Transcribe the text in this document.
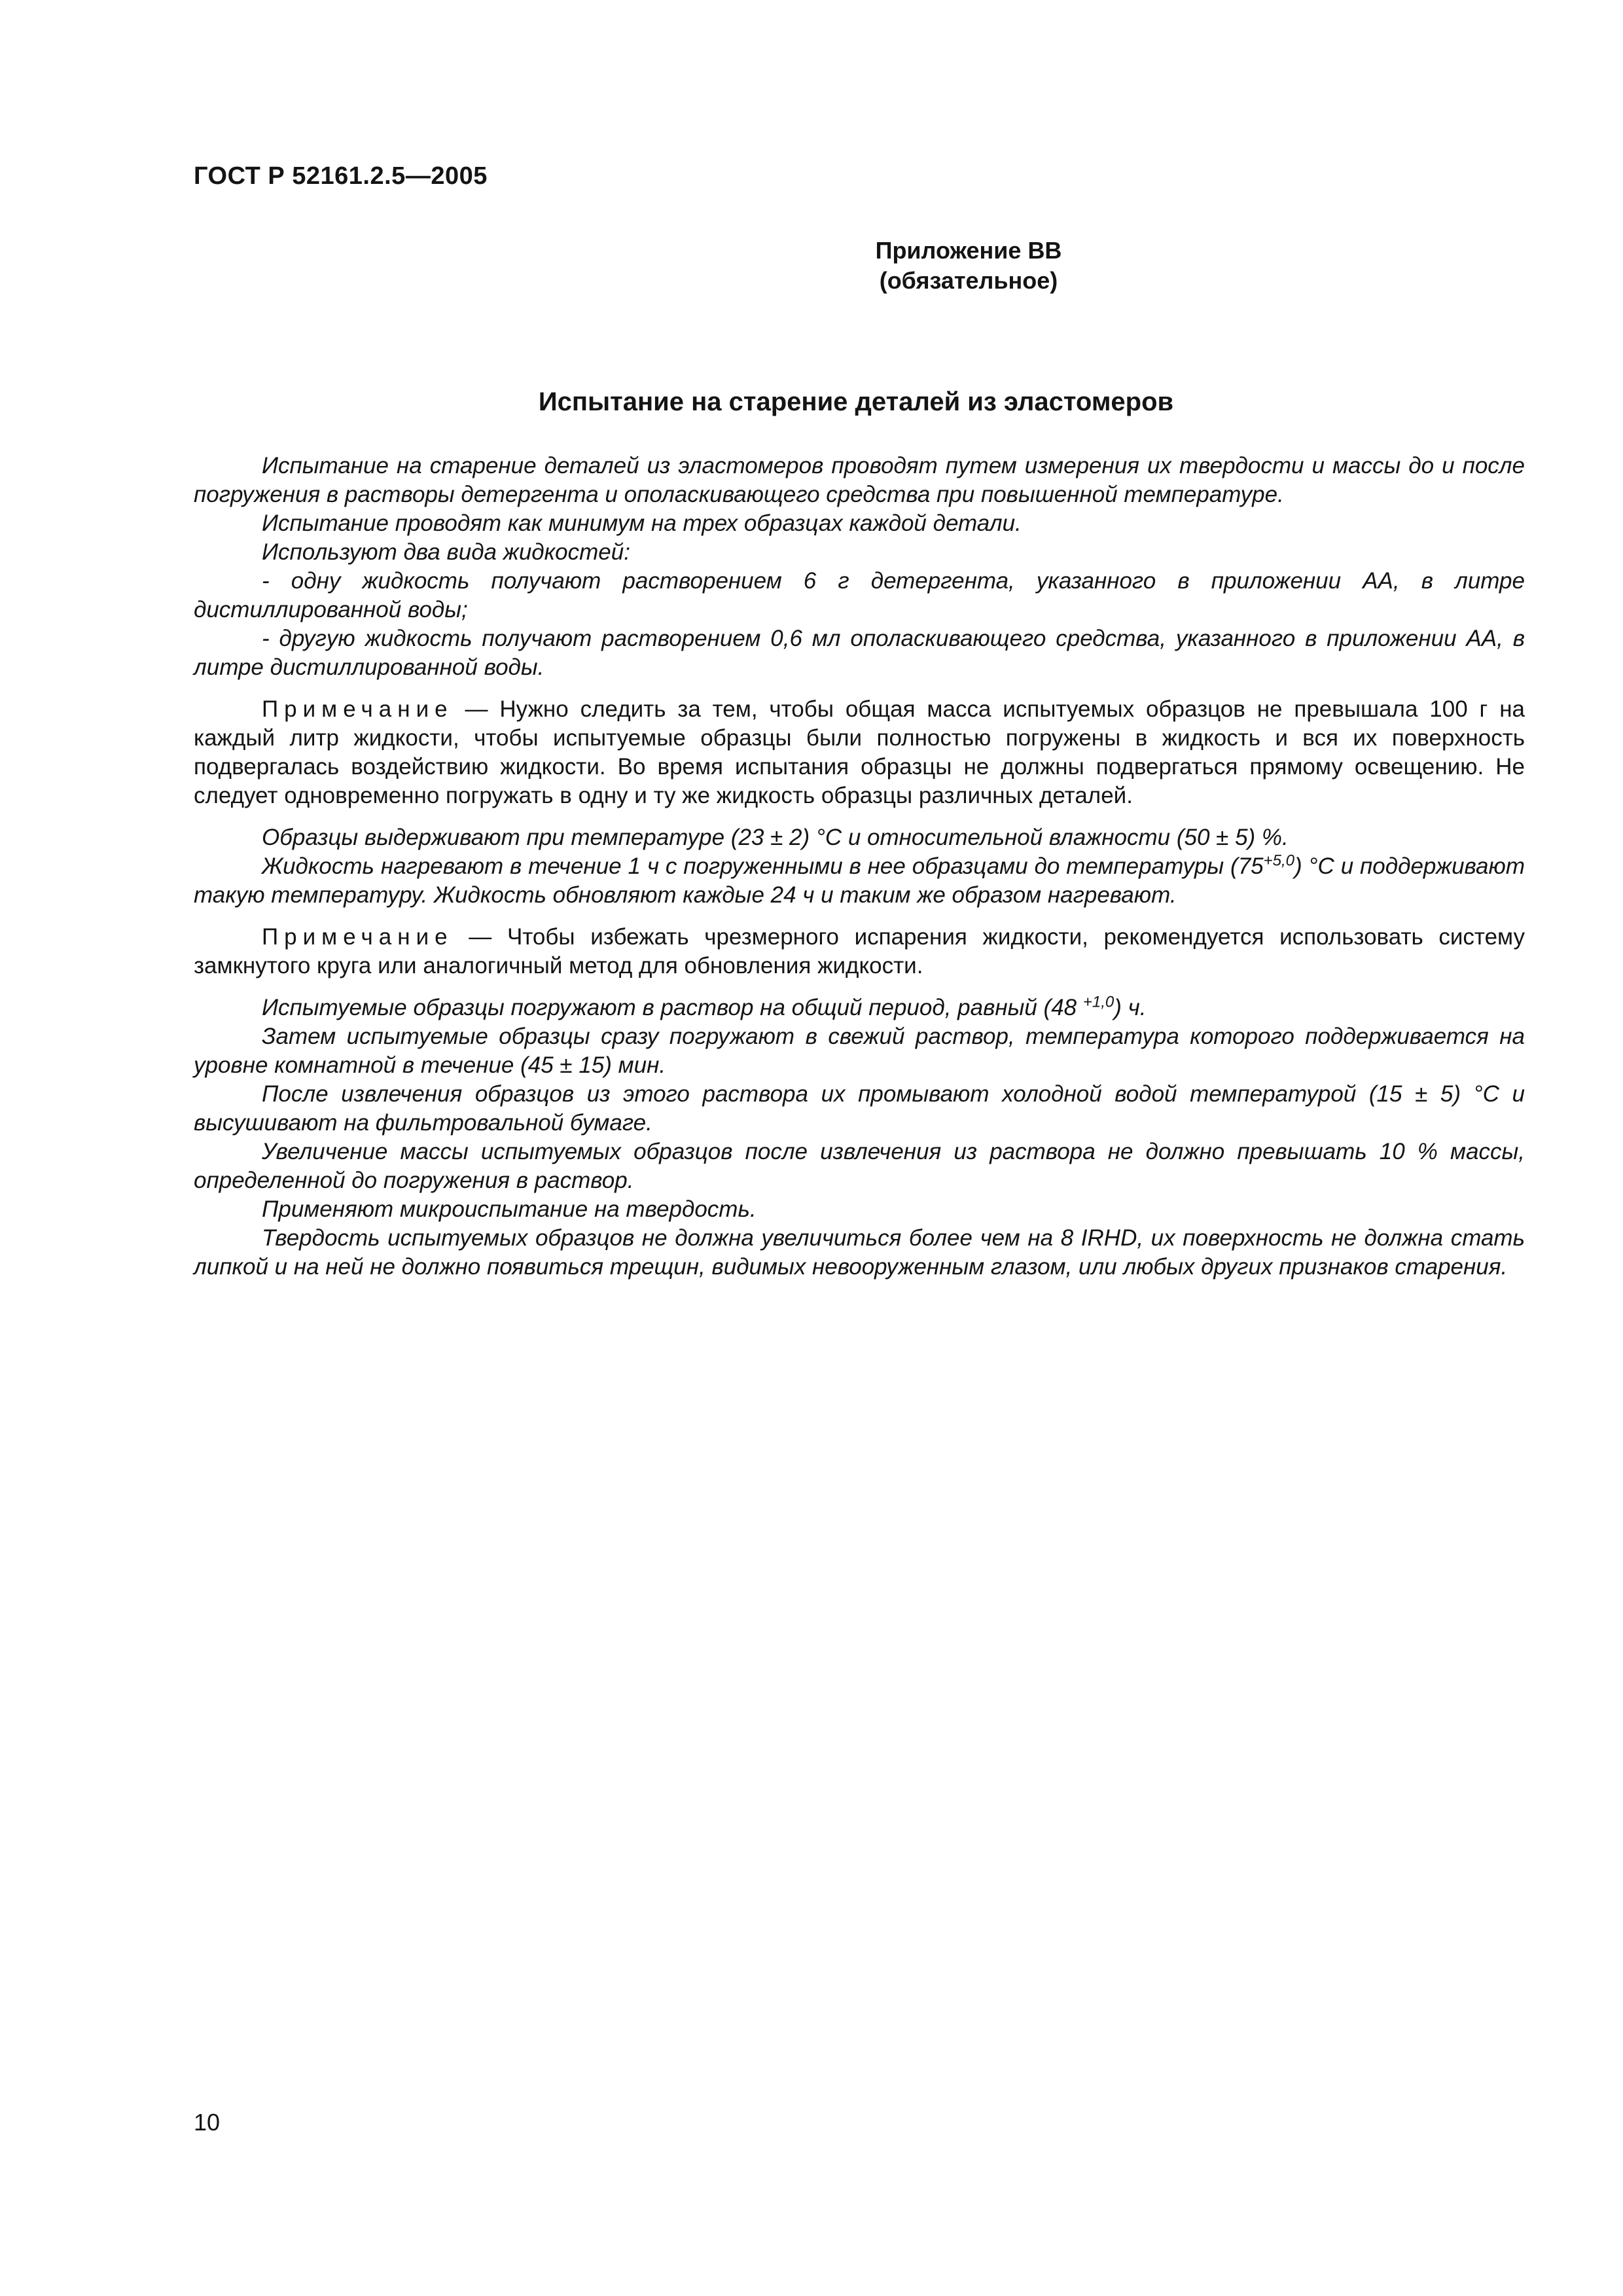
ГОСТ Р 52161.2.5—2005
Приложение ВВ
(обязательное)
Испытание на старение деталей из эластомеров

Испытание на старение деталей из эластомеров проводят путем измерения их твердости и массы до и после погружения в растворы детергента и ополаскивающего средства при повышенной температуре.

Испытание проводят как минимум на трех образцах каждой детали.

Используют два вида жидкостей:

- одну жидкость получают растворением 6 г детергента, указанного в приложении АА, в литре дистиллированной воды;

- другую жидкость получают растворением 0,6 мл ополаскивающего средства, указанного в приложении АА, в литре дистиллированной воды.

Примечание — Нужно следить за тем, чтобы общая масса испытуемых образцов не превышала 100 г на каждый литр жидкости, чтобы испытуемые образцы были полностью погружены в жидкость и вся их поверхность подвергалась воздействию жидкости. Во время испытания образцы не должны подвергаться прямому освещению. Не следует одновременно погружать в одну и ту же жидкость образцы различных деталей.

Образцы выдерживают при температуре (23 ± 2) °С и относительной влажности (50 ± 5) %.

Жидкость нагревают в течение 1 ч с погруженными в нее образцами до температуры $(75^{+5,0})$ °С и поддерживают такую температуру. Жидкость обновляют каждые 24 ч и таким же образом нагревают.

Примечание — Чтобы избежать чрезмерного испарения жидкости, рекомендуется использовать систему замкнутого круга или аналогичный метод для обновления жидкости.

Испытуемые образцы погружают в раствор на общий период, равный (48 $^{+1,0}$) ч.

Затем испытуемые образцы сразу погружают в свежий раствор, температура которого поддерживается на уровне комнатной в течение (45 ± 15) мин.

После извлечения образцов из этого раствора их промывают холодной водой температурой (15 ± 5) °С и высушивают на фильтровальной бумаге.

Увеличение массы испытуемых образцов после извлечения из раствора не должно превышать 10 % массы, определенной до погружения в раствор.

Применяют микроиспытание на твердость.

Твердость испытуемых образцов не должна увеличиться более чем на 8 IRHD, их поверхность не должна стать липкой и на ней не должно появиться трещин, видимых невооруженным глазом, или любых других признаков старения.

10
